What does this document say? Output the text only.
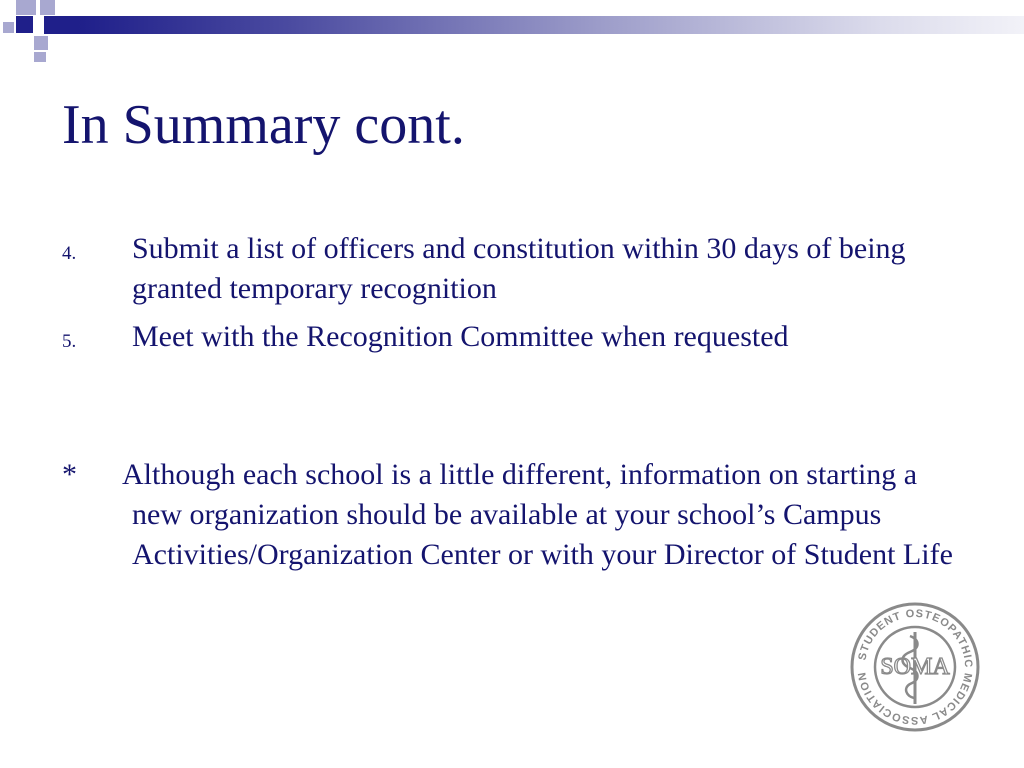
In Summary cont.
4. Submit a list of officers and constitution within 30 days of being granted temporary recognition
5. Meet with the Recognition Committee when requested
* Although each school is a little different, information on starting a new organization should be available at your school’s Campus Activities/Organization Center or with your Director of Student Life
STUDENT OSTEOPATHIC MEDICAL ASSOCIATION SOMA
